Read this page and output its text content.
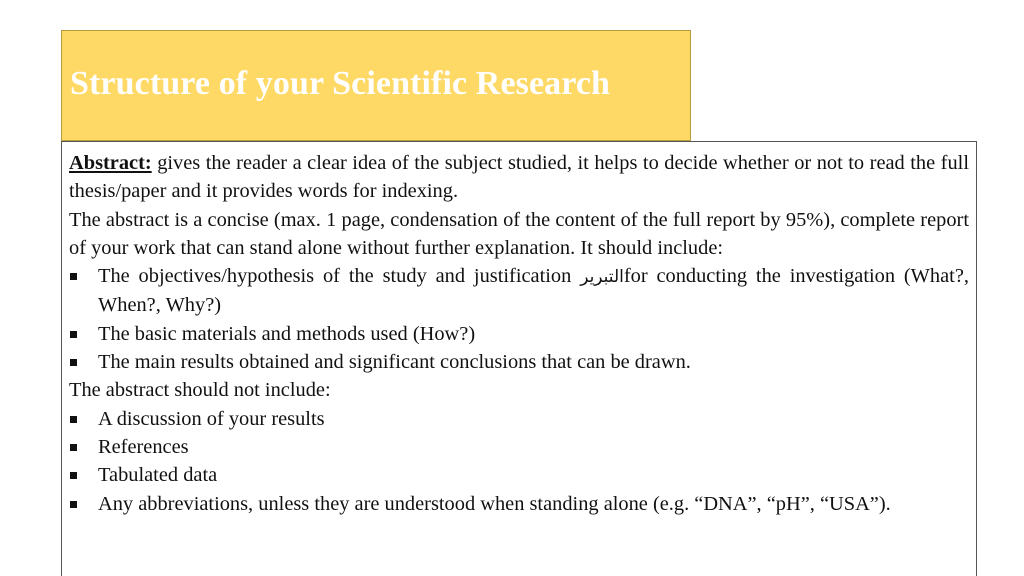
Structure of your Scientific Research

Abstract: gives the reader a clear idea of the subject studied, it helps to decide whether or not to read the full thesis/paper and it provides words for indexing.

The abstract is a concise (max. 1 page, condensation of the content of the full report by 95%), complete report of your work that can stand alone without further explanation. It should include:

The objectives/hypothesis of the study and justification التبريرfor conducting the investigation (What?, When?, Why?)
The basic materials and methods used (How?)
The main results obtained and significant conclusions that can be drawn.

The abstract should not include:

A discussion of your results
References
Tabulated data
Any abbreviations, unless they are understood when standing alone (e.g. “DNA”, “pH”, “USA”).
